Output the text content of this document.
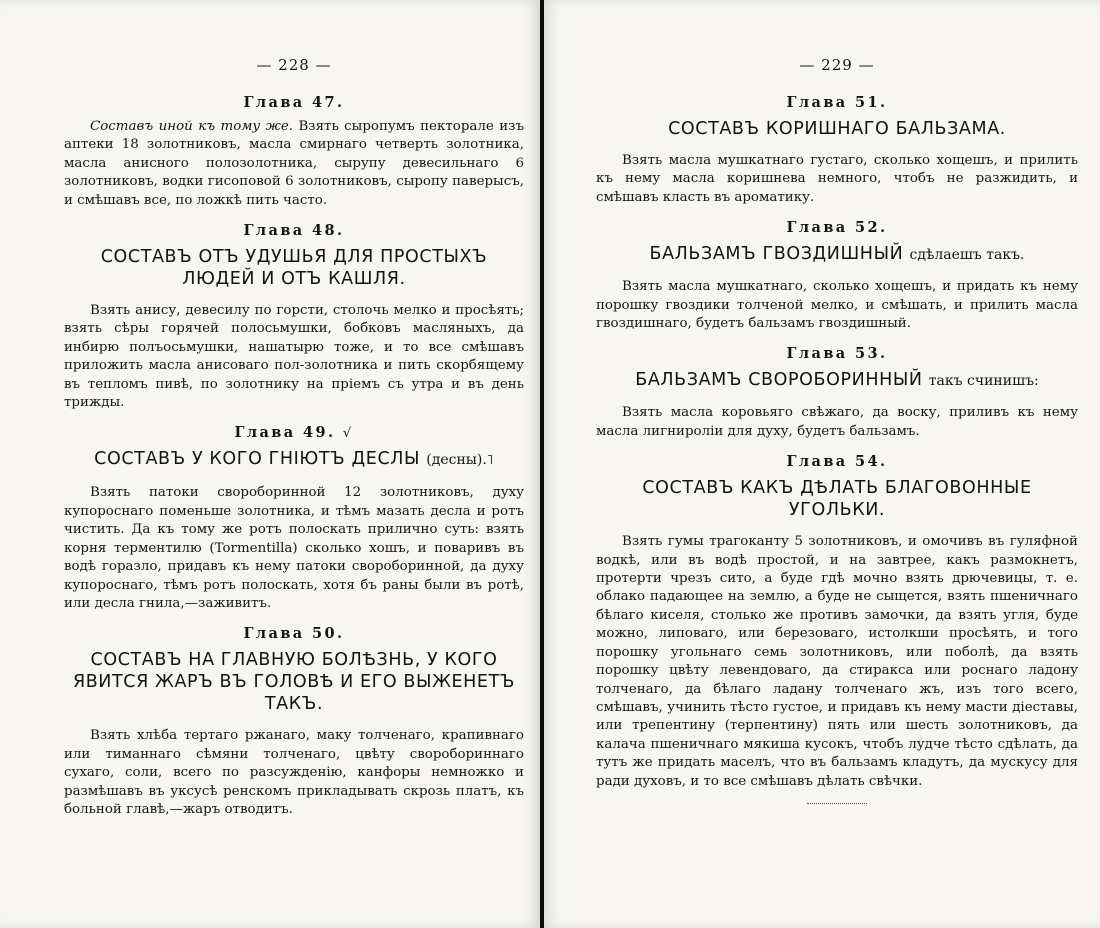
— 228 —
Глава 47.

Составъ иной къ тому же. Взять сыропумъ пекторале изъ аптеки 18 золотниковъ, масла смирнаго четверть золотника, масла анисного полозолотника, сырупу девесильнаго 6 золотниковъ, водки гисоповой 6 золотниковъ, сыропу паверысъ, и смѣшавъ все, по ложкѣ пить часто.

Глава 48.
СОСТАВЪ ОТЪ УДУШЬЯ ДЛЯ ПРОСТЫХЪ ЛЮДЕЙ И ОТЪ КАШЛЯ.

Взять анису, девесилу по горсти, столочь мелко и просѣять; взять сѣры горячей полосьмушки, бобковъ масляныхъ, да инбирю полъосьмушки, нашатырю тоже, и то все смѣшавъ приложить масла анисоваго пол-золотника и пить скорбящему въ тепломъ пивѣ, по золотнику на пріемъ съ утра и въ день трижды.

Глава 49. √
СОСТАВЪ У КОГО ГНІЮТЪ ДЕСЛЫ (десны).˥

Взять патоки свороборинной 12 золотниковъ, духу купороснаго поменьше золотника, и тѣмъ мазать десла и ротъ чистить. Да къ тому же ротъ полоскать прилично суть: взять корня терментилю (Tormentilla) сколько хошъ, и поваривъ въ водѣ горазло, придавъ къ нему патоки свороборинной, да духу купороснаго, тѣмъ ротъ полоскать, хотя бъ раны были въ ротѣ, или десла гнила,—заживитъ.

Глава 50.
СОСТАВЪ НА ГЛАВНУЮ БОЛѢЗНЬ, У КОГО ЯВИТСЯ ЖАРЪ ВЪ ГОЛОВѢ И ЕГО ВЫЖЕНЕТЪ ТАКЪ.

Взять хлѣба тертаго ржанаго, маку толченаго, крапивнаго или тиманнаго сѣмяни толченаго, цвѣту своробориннаго сухаго, соли, всего по разсужденію, канфоры немножко и размѣшавъ въ уксусѣ ренскомъ прикладывать скрозь платъ, къ больной главѣ,—жаръ отводитъ.

— 229 —
Глава 51.
СОСТАВЪ КОРИШНАГО БАЛЬЗАМА.

Взять масла мушкатнаго густаго, сколько хощешъ, и прилить къ нему масла коришнева немного, чтобъ не разжидить, и смѣшавъ класть въ ароматику.

Глава 52.
БАЛЬЗАМЪ ГВОЗДИШНЫЙ сдѣлаешъ такъ.

Взять масла мушкатнаго, сколько хощешъ, и придать къ нему порошку гвоздики толченой мелко, и смѣшать, и прилить масла гвоздишнаго, будетъ бальзамъ гвоздишный.

Глава 53.
БАЛЬЗАМЪ СВОРОБОРИННЫЙ такъ счинишъ:

Взять масла коровьяго свѣжаго, да воску, приливъ къ нему масла лигнироліи для духу, будетъ бальзамъ.

Глава 54.
СОСТАВЪ КАКЪ ДѢЛАТЬ БЛАГОВОННЫЕ УГОЛЬКИ.

Взять гумы трагоканту 5 золотниковъ, и омочивъ въ гуляфной водкѣ, или въ водѣ простой, и на завтрее, какъ размокнетъ, протерти чрезъ сито, а буде гдѣ мочно взять дрючевицы, т. е. облако падающее на землю, а буде не сыщется, взять пшеничнаго бѣлаго киселя, столько же противъ замочки, да взять угля, буде можно, липоваго, или березоваго, истолкши просѣять, и того порошку угольнаго семь золотниковъ, или поболѣ, да взять порошку цвѣту левендоваго, да стиракса или роснаго ладону толченаго, да бѣлаго ладану толченаго жъ, изъ того всего, смѣшавъ, учинить тѣсто густое, и придавъ къ нему масти діеставы, или трепентину (терпентину) пять или шесть золотниковъ, да калача пшеничнаго мякиша кусокъ, чтобъ лудче тѣсто сдѣлать, да тутъ же придать маселъ, что въ бальзамъ кладутъ, да мускусу для ради духовъ, и то все смѣшавъ дѣлать свѣчки.
